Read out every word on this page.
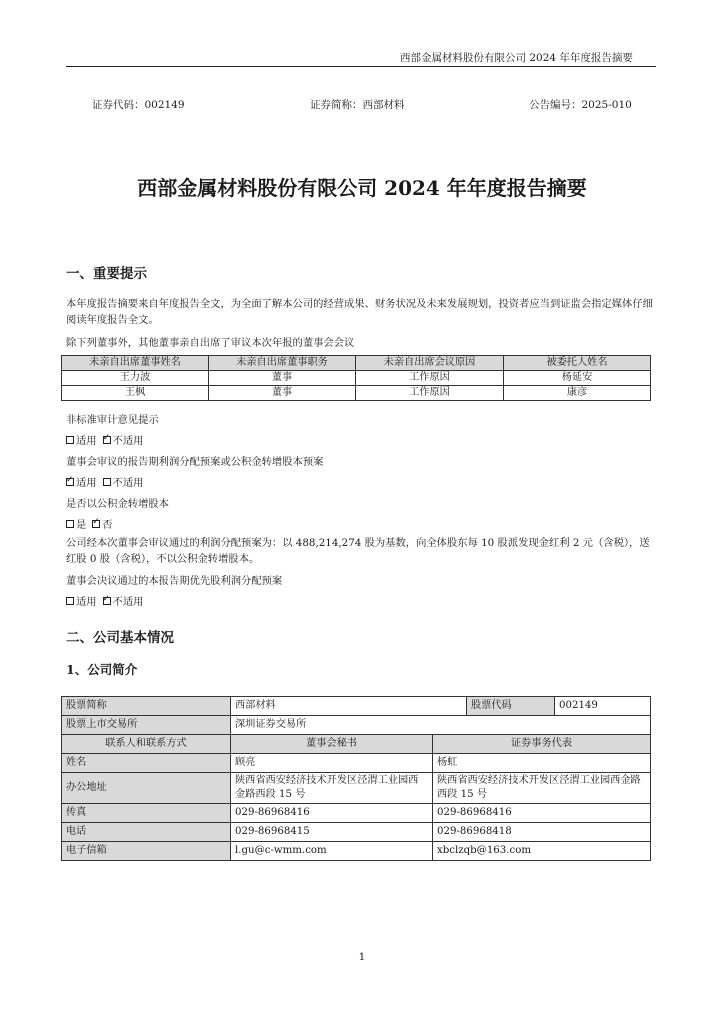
西部金属材料股份有限公司 2024 年年度报告摘要
证券代码：002149	证券简称：西部材料	公告编号：2025-010
西部金属材料股份有限公司 2024 年年度报告摘要
一、重要提示
本年度报告摘要来自年度报告全文，为全面了解本公司的经营成果、财务状况及未来发展规划，投资者应当到证监会指定媒体仔细阅读年度报告全文。
除下列董事外，其他董事亲自出席了审议本次年报的董事会会议
未亲自出席董事姓名	未亲自出席董事职务	未亲自出席会议原因	被委托人姓名
王力波	董事	工作原因	杨延安
王枫	董事	工作原因	康彦
非标准审计意见提示
适用 ✓ 不适用
董事会审议的报告期利润分配预案或公积金转增股本预案
✓适用 不适用
是否以公积金转增股本
是 ✓ 否
公司经本次董事会审议通过的利润分配预案为：以 488,214,274 股为基数，向全体股东每 10 股派发现金红利 2 元（含税），送红股 0 股（含税），不以公积金转增股本。
董事会决议通过的本报告期优先股利润分配预案
适用 ✓ 不适用
二、公司基本情况
1、公司简介
股票简称	西部材料		股票代码	002149
股票上市交易所	深圳证券交易所			
联系人和联系方式	董事会秘书	证券事务代表		
姓名	顾亮	杨虹		
办公地址	陕西省西安经济技术开发区泾渭工业园西金路西段 15 号	陕西省西安经济技术开发区泾渭工业园西金路西段 15 号		
传真	029-86968416	029-86968416		
电话	029-86968415	029-86968418		
电子信箱	l.gu@c-wmm.com	xbclzqb@163.com		
1
